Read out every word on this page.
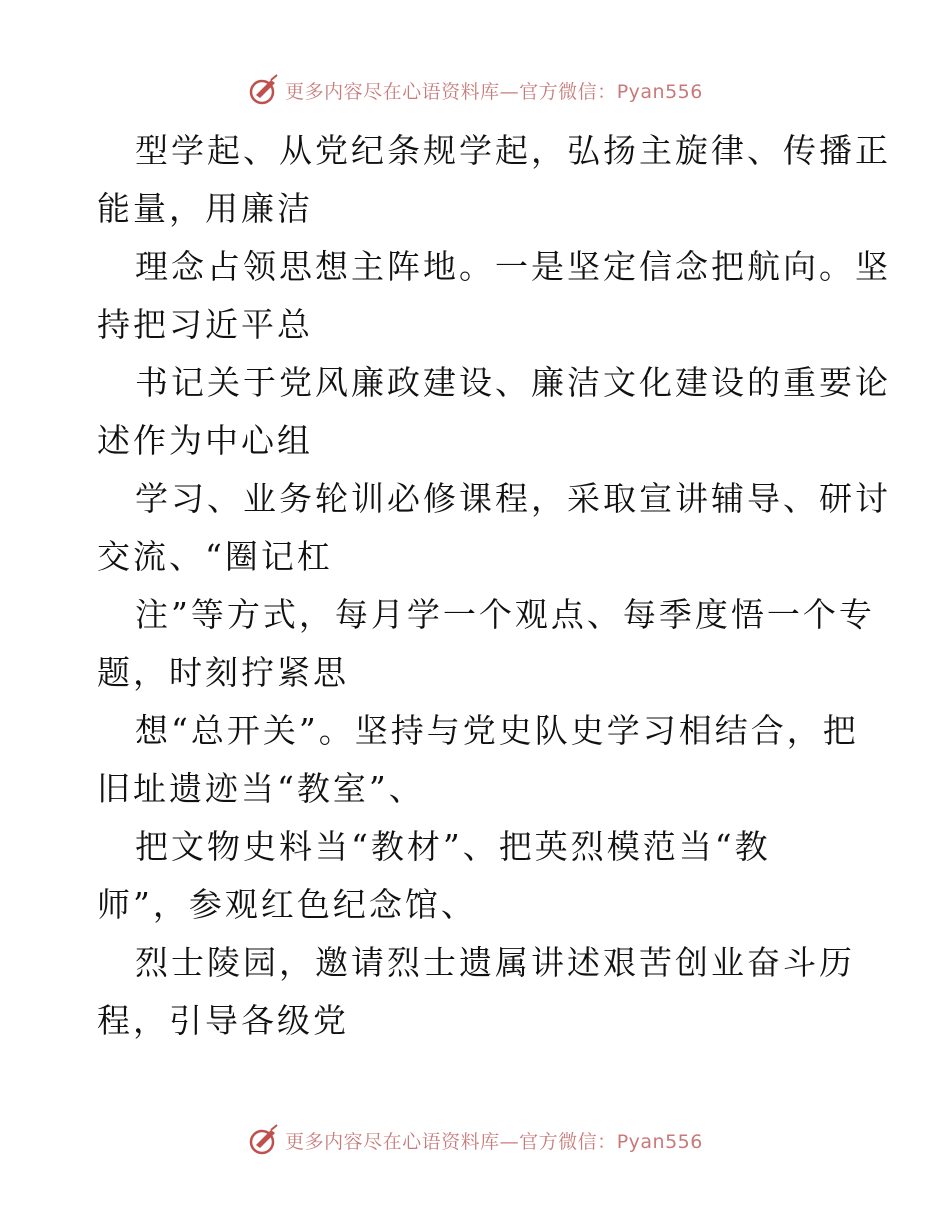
更多内容尽在心语资料库—官方微信：Pyan556
型学起、从党纪条规学起，弘扬主旋律、传播正
能量，用廉洁
理念占领思想主阵地。一是坚定信念把航向。坚
持把习近平总
书记关于党风廉政建设、廉洁文化建设的重要论
述作为中心组
学习、业务轮训必修课程，采取宣讲辅导、研讨
交流、“圈记杠
注”等方式，每月学一个观点、每季度悟一个专
题，时刻拧紧思
想“总开关”。坚持与党史队史学习相结合，把
旧址遗迹当“教室”、
把文物史料当“教材”、把英烈模范当“教
师”，参观红色纪念馆、
烈士陵园，邀请烈士遗属讲述艰苦创业奋斗历
程，引导各级党
更多内容尽在心语资料库—官方微信：Pyan556
